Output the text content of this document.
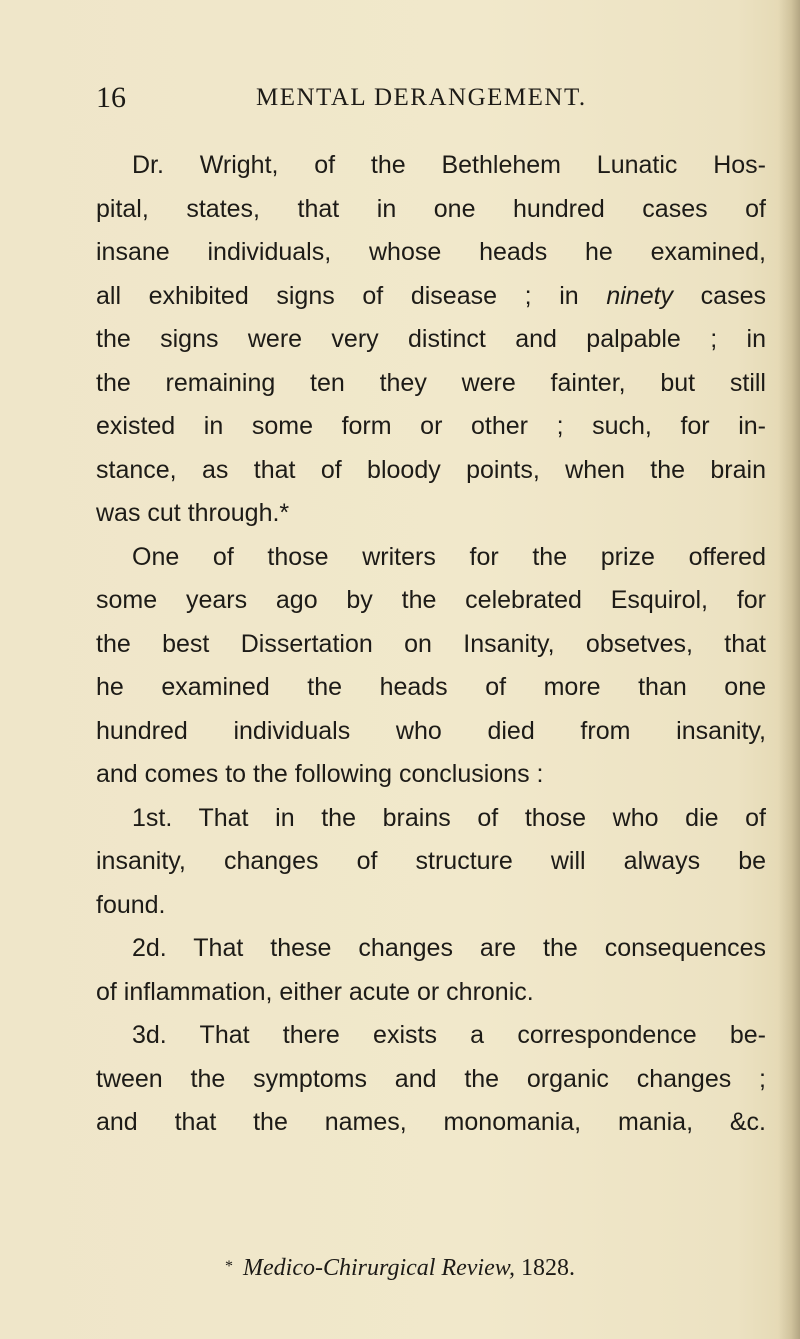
16	MENTAL DERANGEMENT.
Dr. Wright, of the Bethlehem Lunatic Hos-
pital, states, that in one hundred cases of
insane individuals, whose heads he examined,
all exhibited signs of disease ; in ninety cases
the signs were very distinct and palpable ; in
the remaining ten they were fainter, but still
existed in some form or other ; such, for in-
stance, as that of bloody points, when the brain
was cut through.*
One of those writers for the prize offered
some years ago by the celebrated Esquirol, for
the best Dissertation on Insanity, obsetves, that
he examined the heads of more than one
hundred individuals who died from insanity,
and comes to the following conclusions :
1st. That in the brains of those who die of
insanity, changes of structure will always be
found.
2d. That these changes are the consequences
of inflammation, either acute or chronic.
3d. That there exists a correspondence be-
tween the symptoms and the organic changes ;
and that the names, monomania, mania, &c.
* Medico-Chirurgical Review, 1828.
